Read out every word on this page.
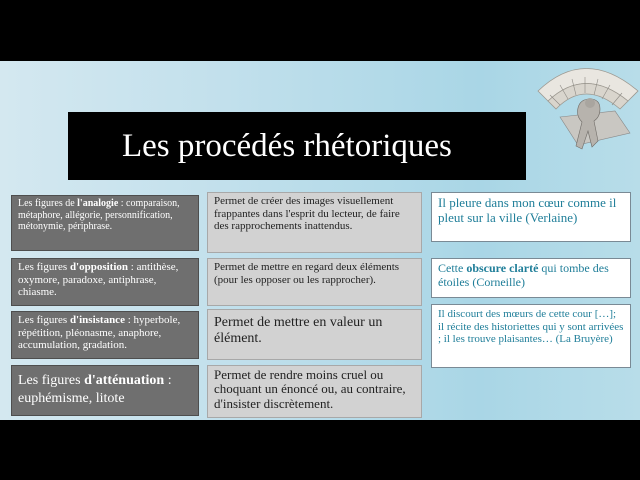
Les procédés rhétoriques
Les figures de l'analogie : comparaison, métaphore, allégorie, personnification, métonymie, périphrase.
Permet de créer des images visuellement frappantes dans l'esprit du lecteur, de faire des rapprochements inattendus.
Il pleure dans mon cœur comme il pleut sur la ville (Verlaine)
Les figures d'opposition : antithèse, oxymore, paradoxe, antiphrase, chiasme.
Permet de mettre en regard deux éléments (pour les opposer ou les rapprocher).
Cette obscure clarté qui tombe des étoiles (Corneille)
Les figures d'insistance : hyperbole, répétition, pléonasme, anaphore, accumulation, gradation.
Permet de mettre en valeur un élément.
Il discourt des mœurs de cette cour […]; il récite des historiettes qui y sont arrivées ; il les trouve plaisantes… (La Bruyère)
Les figures d'atténuation : euphémisme, litote
Permet de rendre moins cruel ou choquant un énoncé ou, au contraire, d'insister discrètement.
